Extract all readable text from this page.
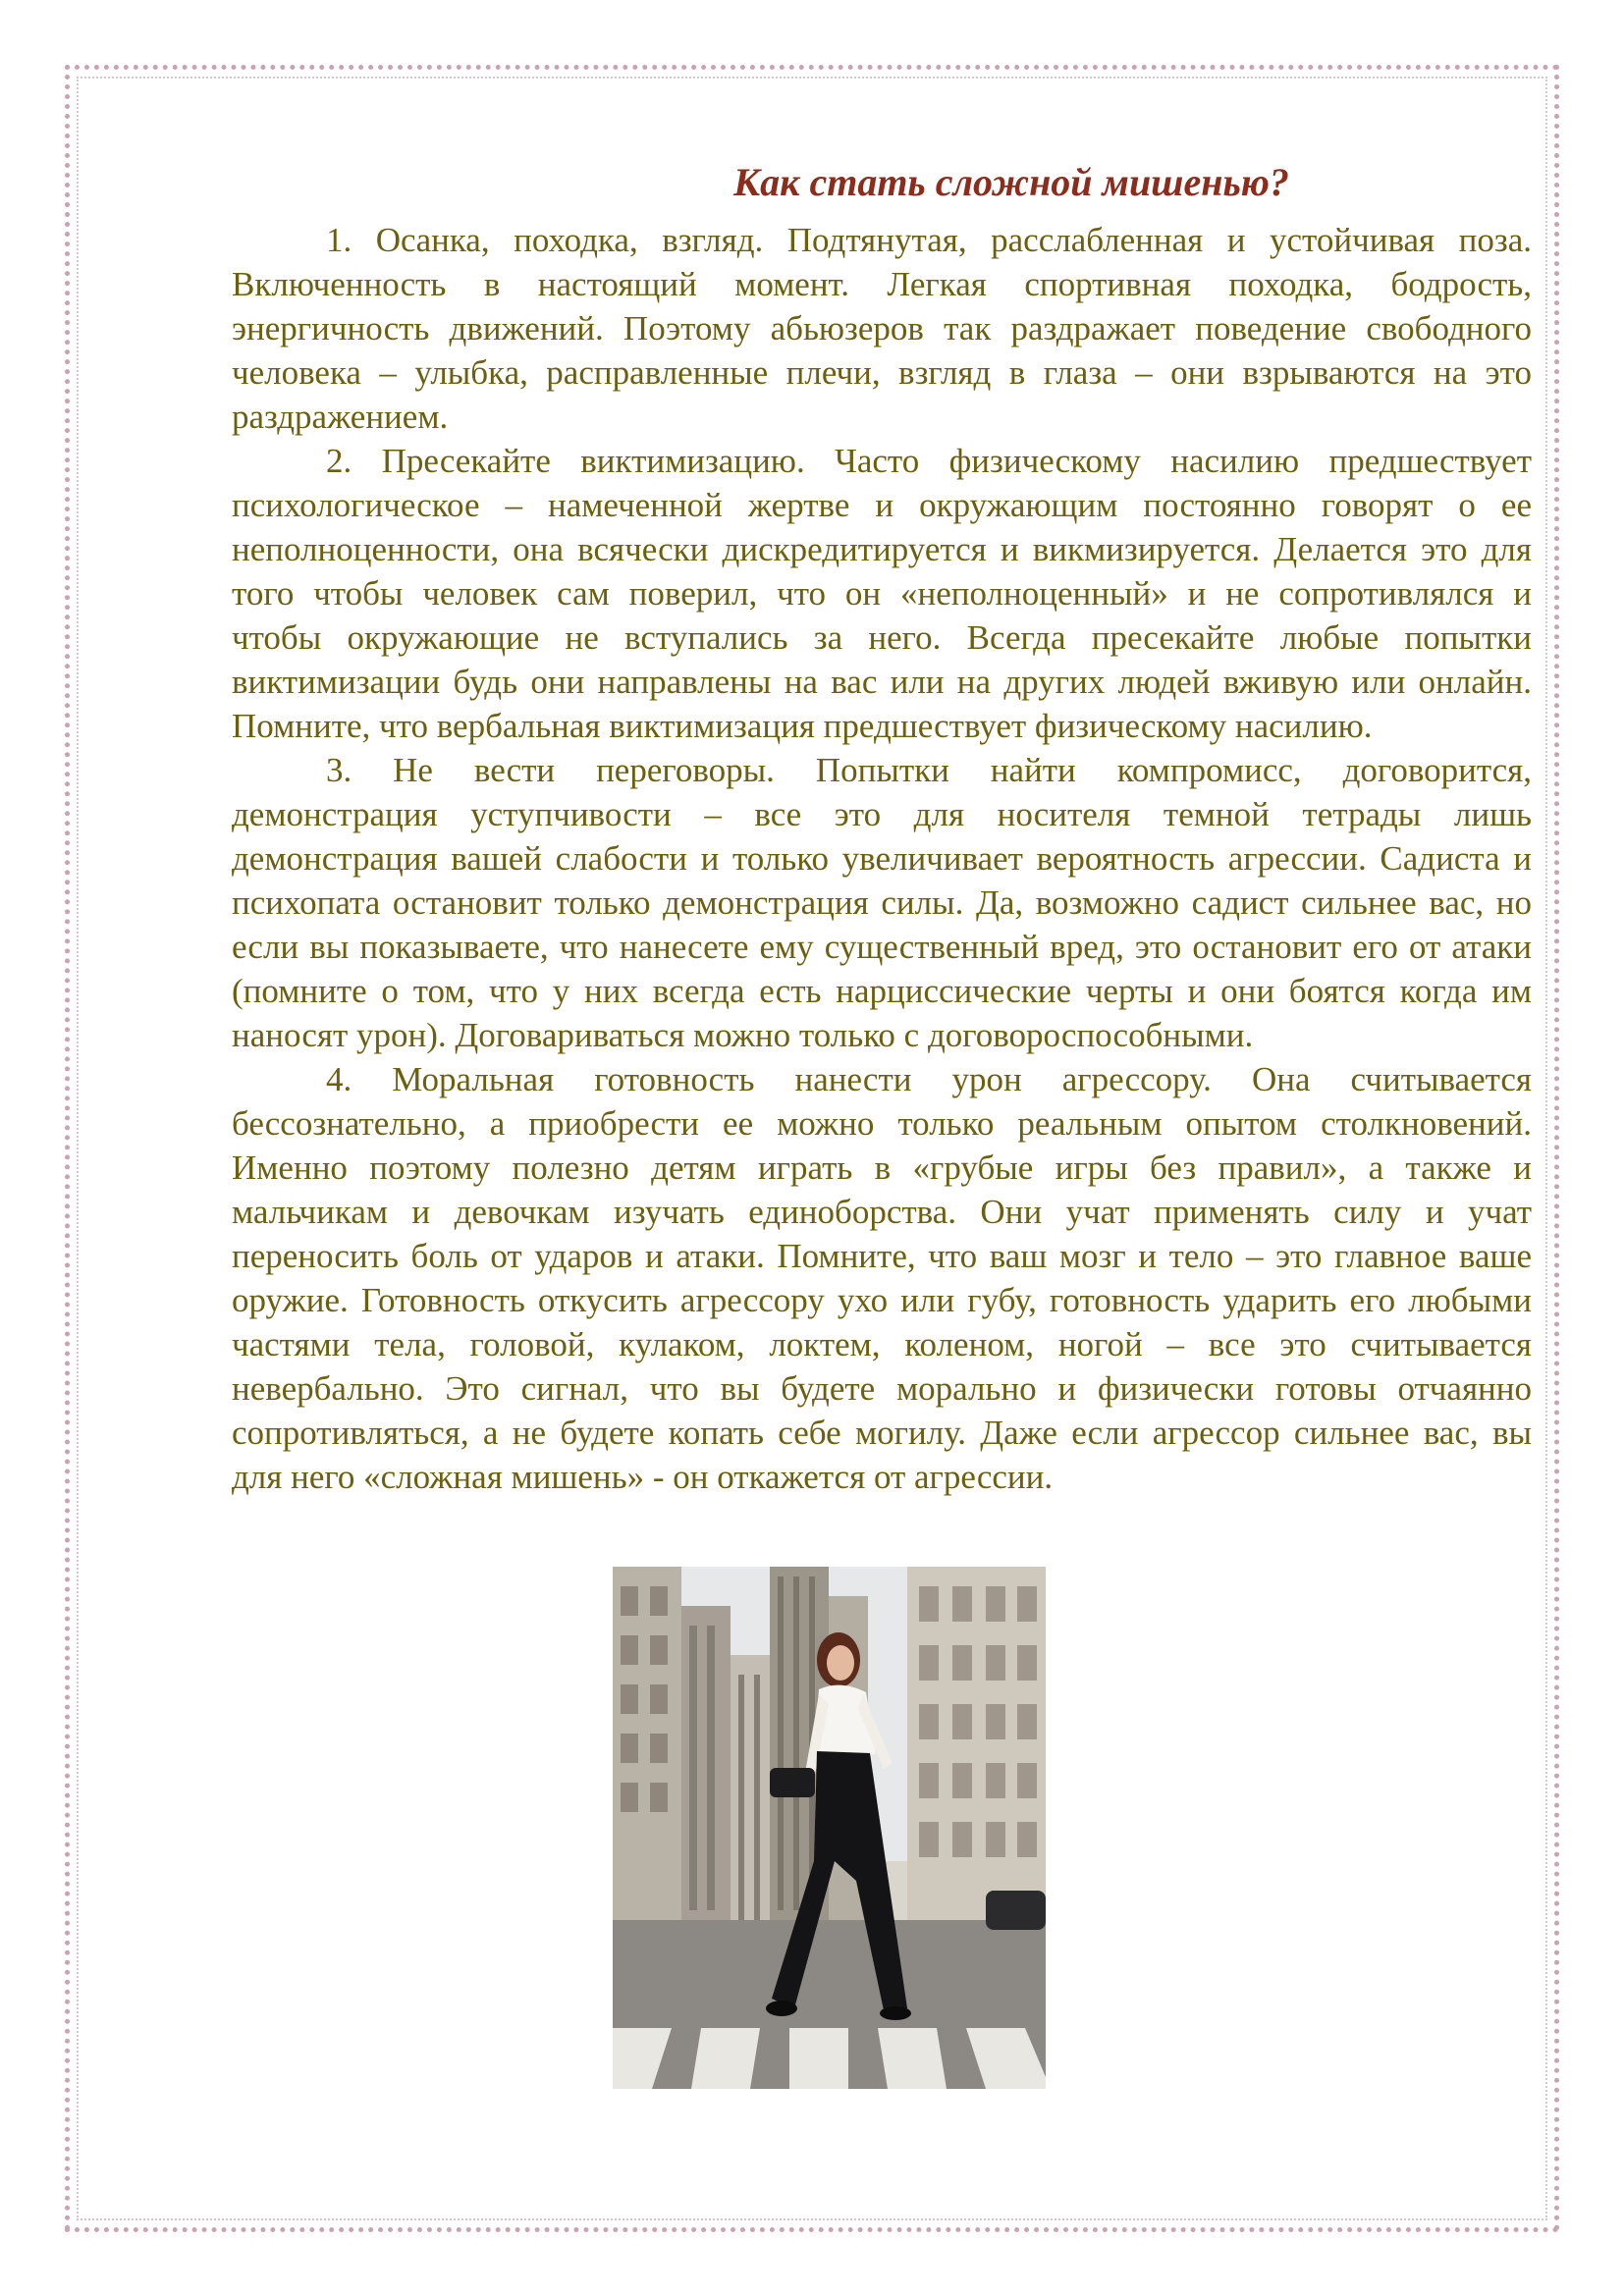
Как стать сложной мишенью?

1. Оcанка, походка, взгляд. Подтянутая, расслабленная и устойчивая поза.
Включенность в настоящий момент. Легкая спортивная походка, бодрость,
энергичность движений. Поэтому абьюзеров так раздражает поведение свободного
человека – улыбка, расправленные плечи, взгляд в глаза – они взрываются на это
раздражением.

2. Пресекайте виктимизацию. Часто физическому насилию предшествует
психологическое – намеченной жертве и окружающим постоянно говорят о ее
неполноценности, она всячески дискредитируется и викмизируется. Делается это для
того чтобы человек сам поверил, что он «неполноценный» и не сопротивлялся и
чтобы окружающие не вступались за него. Всегда пресекайте любые попытки
виктимизации будь они направлены на вас или на других людей вживую или онлайн.
Помните, что вербальная виктимизация предшествует физическому насилию.

3. Не вести переговоры. Попытки найти компромисс, договорится,
демонстрация уступчивости – все это для носителя темной тетрады лишь
демонстрация вашей слабости и только увеличивает вероятность агрессии. Садиста и
психопата остановит только демонстрация силы. Да, возможно садист сильнее вас, но
если вы показываете, что нанесете ему существенный вред, это остановит его от атаки
(помните о том, что у них всегда есть нарциссические черты и они боятся когда им
наносят урон). Договариваться можно только с договороспособными.

4. Моральная готовность нанести урон агрессору. Она считывается
бессознательно, а приобрести ее можно только реальным опытом столкновений.
Именно поэтому полезно детям играть в «грубые игры без правил», а также и
мальчикам и девочкам изучать единоборства. Они учат применять силу и учат
переносить боль от ударов и атаки. Помните, что ваш мозг и тело – это главное ваше
оружие. Готовность откусить агрессору ухо или губу, готовность ударить его любыми
частями тела, головой, кулаком, локтем, коленом, ногой – все это считывается
невербально. Это сигнал, что вы будете морально и физически готовы отчаянно
сопротивляться, а не будете копать себе могилу. Даже если агрессор сильнее вас, вы
для него «сложная мишень» - он откажется от агрессии.
